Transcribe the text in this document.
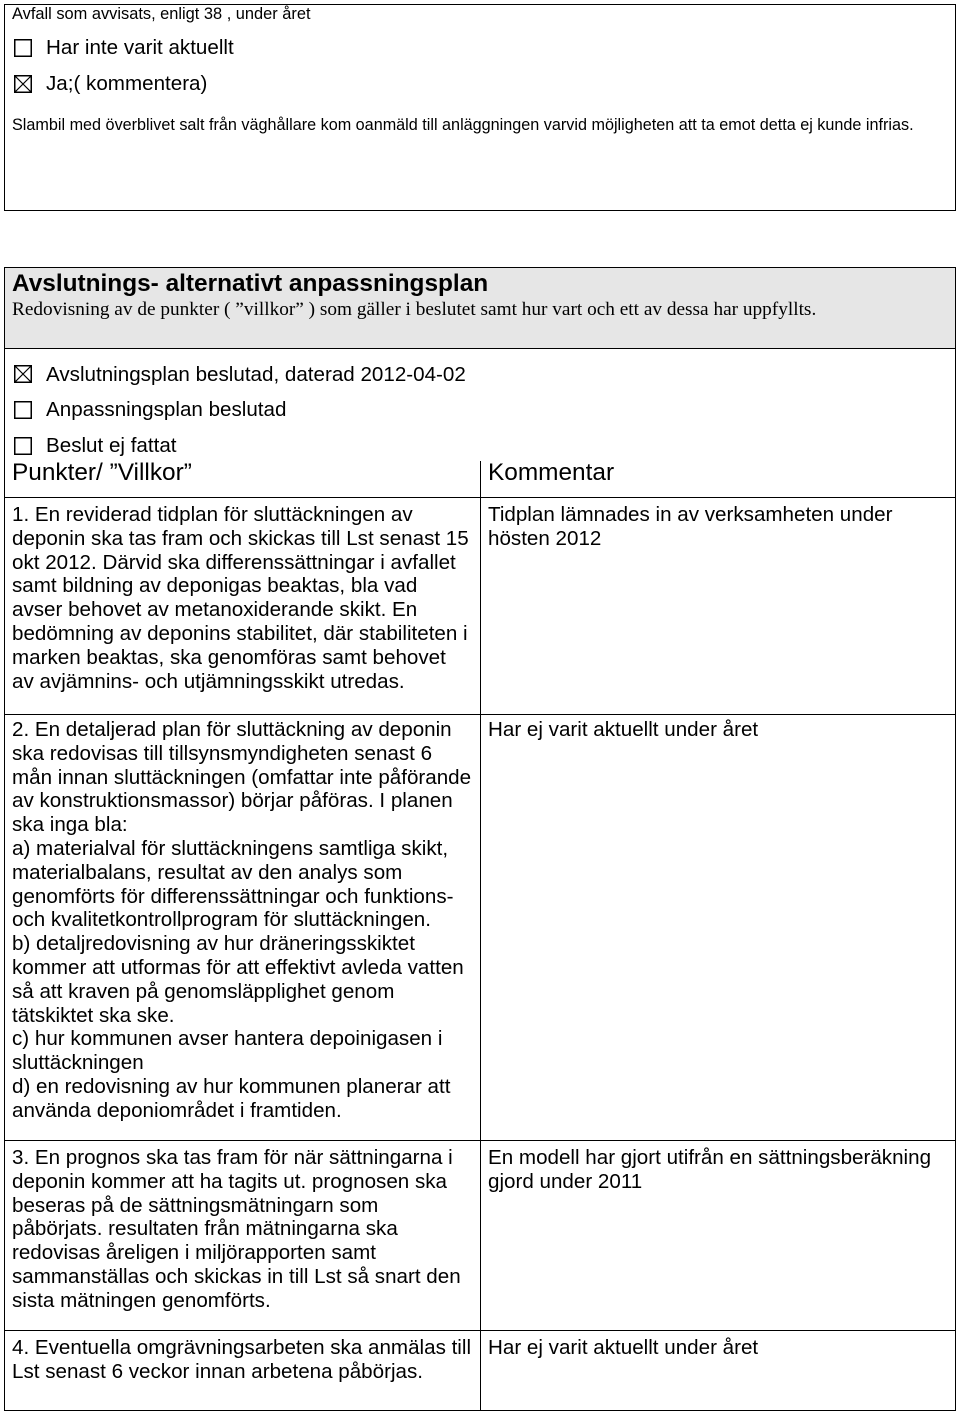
Avfall som avvisats, enligt 38 , under året
Har inte varit aktuellt
Ja;( kommentera)
Slambil med överblivet salt från väghållare kom oanmäld till anläggningen varvid möjligheten att ta emot detta ej kunde infrias.
Avslutnings- alternativt anpassningsplan
Redovisning av de punkter ( ”villkor” ) som gäller i beslutet samt hur vart och ett av dessa har uppfyllts.
Avslutningsplan beslutad, daterad 2012-04-02
Anpassningsplan beslutad
Beslut ej fattat
Punkter/ ”Villkor”	Kommentar
1. En reviderad tidplan för sluttäckningen av
deponin ska tas fram och skickas till Lst senast 15
okt 2012. Därvid ska differenssättningar i avfallet
samt bildning av deponigas beaktas, bla vad
avser behovet av metanoxiderande skikt. En
bedömning av deponins stabilitet, där stabiliteten i
marken beaktas, ska genomföras samt behovet
av avjämnins- och utjämningsskikt utredas.
Tidplan lämnades in av verksamheten under
hösten 2012
2. En detaljerad plan för sluttäckning av deponin
ska redovisas till tillsynsmyndigheten senast 6
mån innan sluttäckningen (omfattar inte påförande
av konstruktionsmassor) börjar påföras. I planen
ska inga bla:
a) materialval för sluttäckningens samtliga skikt,
materialbalans, resultat av den analys som
genomförts för differenssättningar och funktions-
och kvalitetkontrollprogram för sluttäckningen.
b) detaljredovisning av hur dräneringsskiktet
kommer att utformas för att effektivt avleda vatten
så att kraven på genomsläpplighet genom
tätskiktet ska ske.
c) hur kommunen avser hantera depoinigasen i
sluttäckningen
d) en redovisning av hur kommunen planerar att
använda deponiområdet i framtiden.
Har ej varit aktuellt under året
3. En prognos ska tas fram för när sättningarna i
deponin kommer att ha tagits ut. prognosen ska
beseras på de sättningsmätningarn som
påbörjats. resultaten från mätningarna ska
redovisas åreligen i miljörapporten samt
sammanställas och skickas in till Lst så snart den
sista mätningen genomförts.
En modell har gjort utifrån en sättningsberäkning
gjord under 2011
4. Eventuella omgrävningsarbeten ska anmälas till
Lst senast 6 veckor innan arbetena påbörjas.
Har ej varit aktuellt under året
